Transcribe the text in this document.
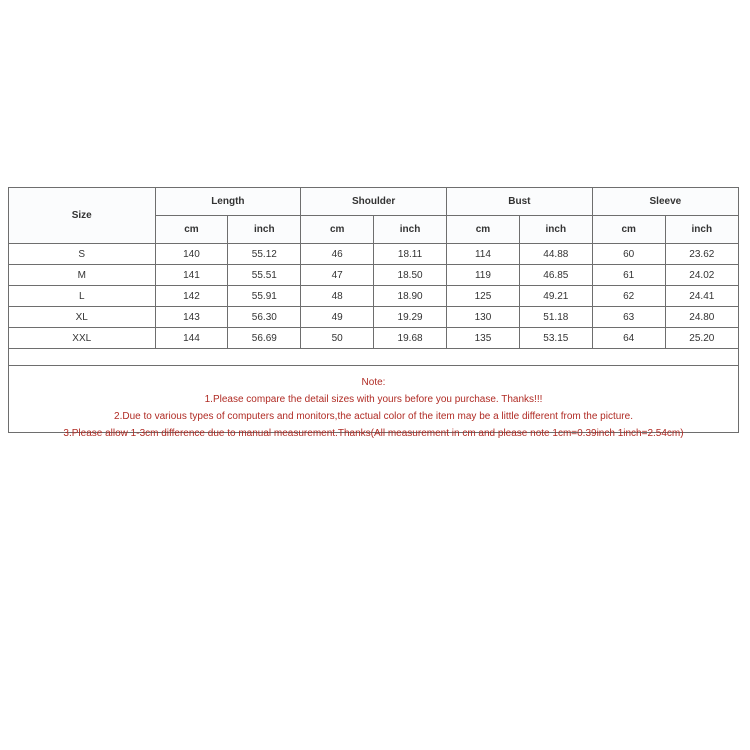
Size	Length		Shoulder		Bust		Sleeve	
	cm	inch	cm	inch	cm	inch	cm	inch
S	140	55.12	46	18.11	114	44.88	60	23.62
M	141	55.51	47	18.50	119	46.85	61	24.02
L	142	55.91	48	18.90	125	49.21	62	24.41
XL	143	56.30	49	19.29	130	51.18	63	24.80
XXL	144	56.69	50	19.68	135	53.15	64	25.20
Note:
1.Please compare the detail sizes with yours before you purchase. Thanks!!!
2.Due to various types of computers and monitors,the actual color of the item may be a little different from the picture.
3.Please allow 1-3cm difference due to manual measurement.Thanks(All measurement in cm and please note 1cm=0.39inch 1inch=2.54cm)
